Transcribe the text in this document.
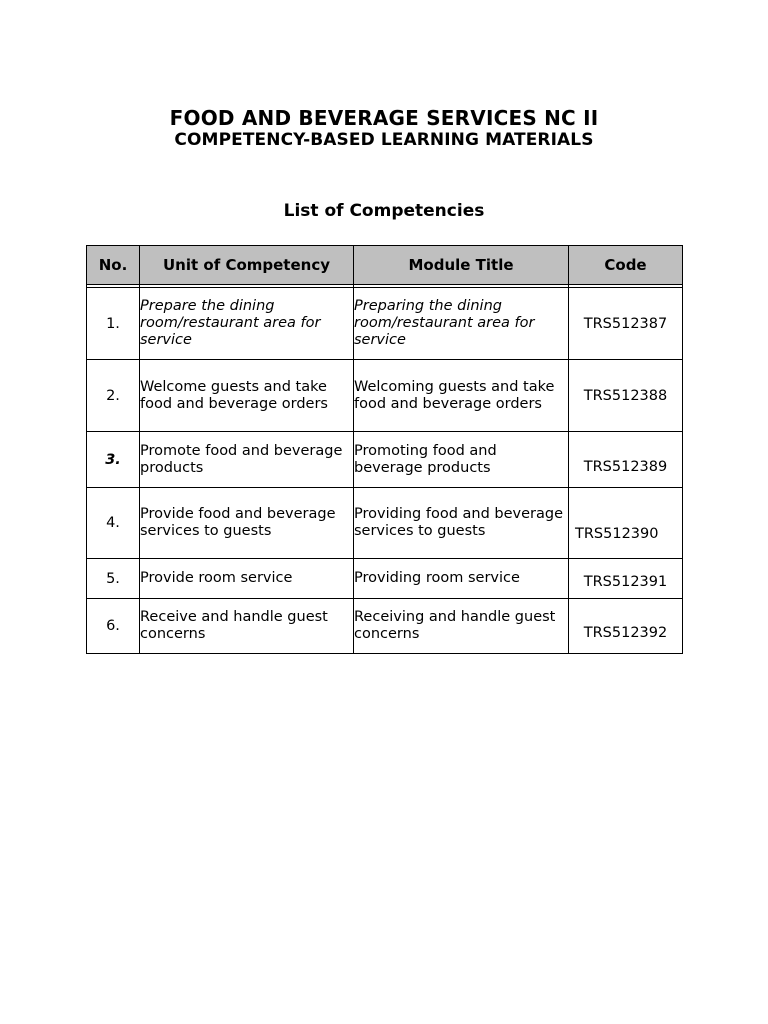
FOOD AND BEVERAGE SERVICES NC II
COMPETENCY-BASED LEARNING MATERIALS
List of Competencies
No.	Unit of Competency	Module Title	Code

1.	Prepare the dining room/restaurant area for service	Preparing the dining room/restaurant area for service	TRS512387
2.	Welcome guests and take food and beverage orders	Welcoming guests and take food and beverage orders	TRS512388
3.	Promote food and beverage products	Promoting food and beverage products	TRS512389
4.	Provide food and beverage services to guests	Providing food and beverage services to guests	TRS512390
5.	Provide room service	Providing room service	TRS512391
6.	Receive and handle guest concerns	Receiving and handle guest concerns	TRS512392
